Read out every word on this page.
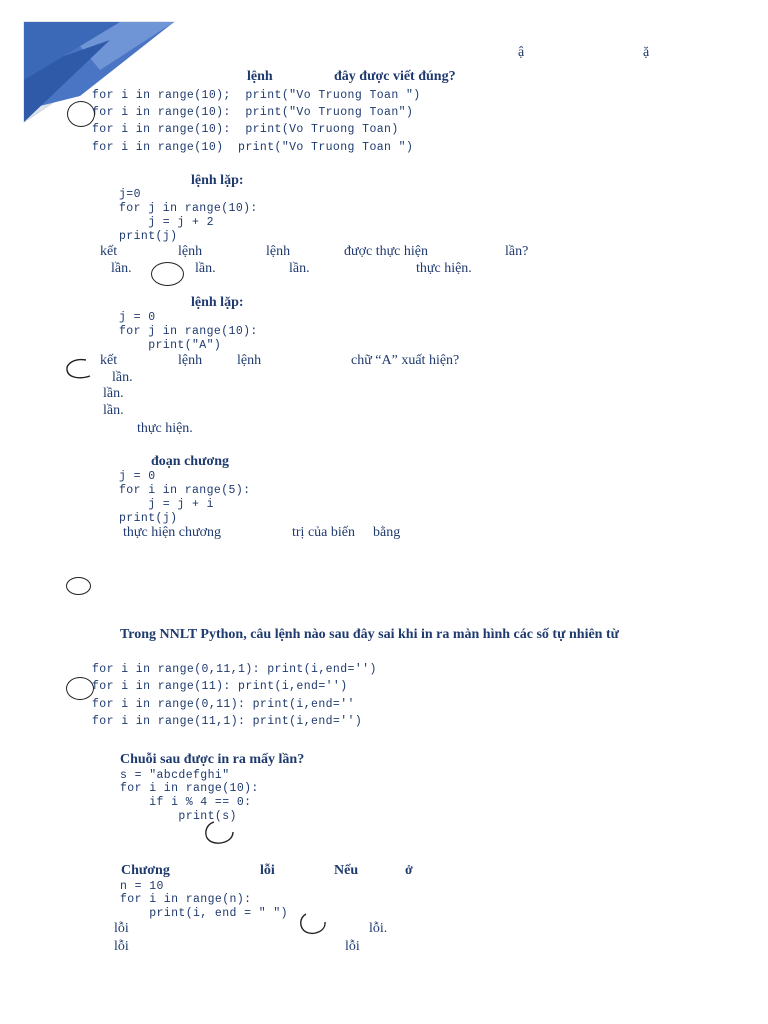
ậ	ặ
lệnh	đây được viết đúng?
for i in range(10);  print("Vo Truong Toan ")
for i in range(10):  print("Vo Truong Toan")
for i in range(10):  print(Vo Truong Toan)
for i in range(10)  print("Vo Truong Toan ")
lệnh lặp:
j=0
for j in range(10):
j = j + 2
print(j)
kết	lệnh	lệnh	được thực hiện	lần?
lần.	lần.	lần.	thực hiện.
lệnh lặp:
j = 0
for j in range(10):
print("A")
kết	lệnh lệnh	chữ “A” xuất hiện?
lần.
lần.
lần.
thực hiện.
đoạn chương
j = 0
for i in range(5):
j = j + i
print(j)
thực hiện chương	trị của biến bằng
Trong NNLT Python, câu lệnh nào sau đây sai khi in ra màn hình các số tự nhiên từ
for i in range(0,11,1): print(i,end='')
for i in range(11): print(i,end='')
for i in range(0,11): print(i,end=''
for i in range(11,1): print(i,end='')
Chuỗi sau được in ra mấy lần?
s = "abcdefghi"
for i in range(10):
if i % 4 == 0:
print(s)
Chương	lỗi	Nếu	ở
n = 10
for i in range(n):
print(i, end = " ")
lỗi	lỗi.
lỗi	lỗi
